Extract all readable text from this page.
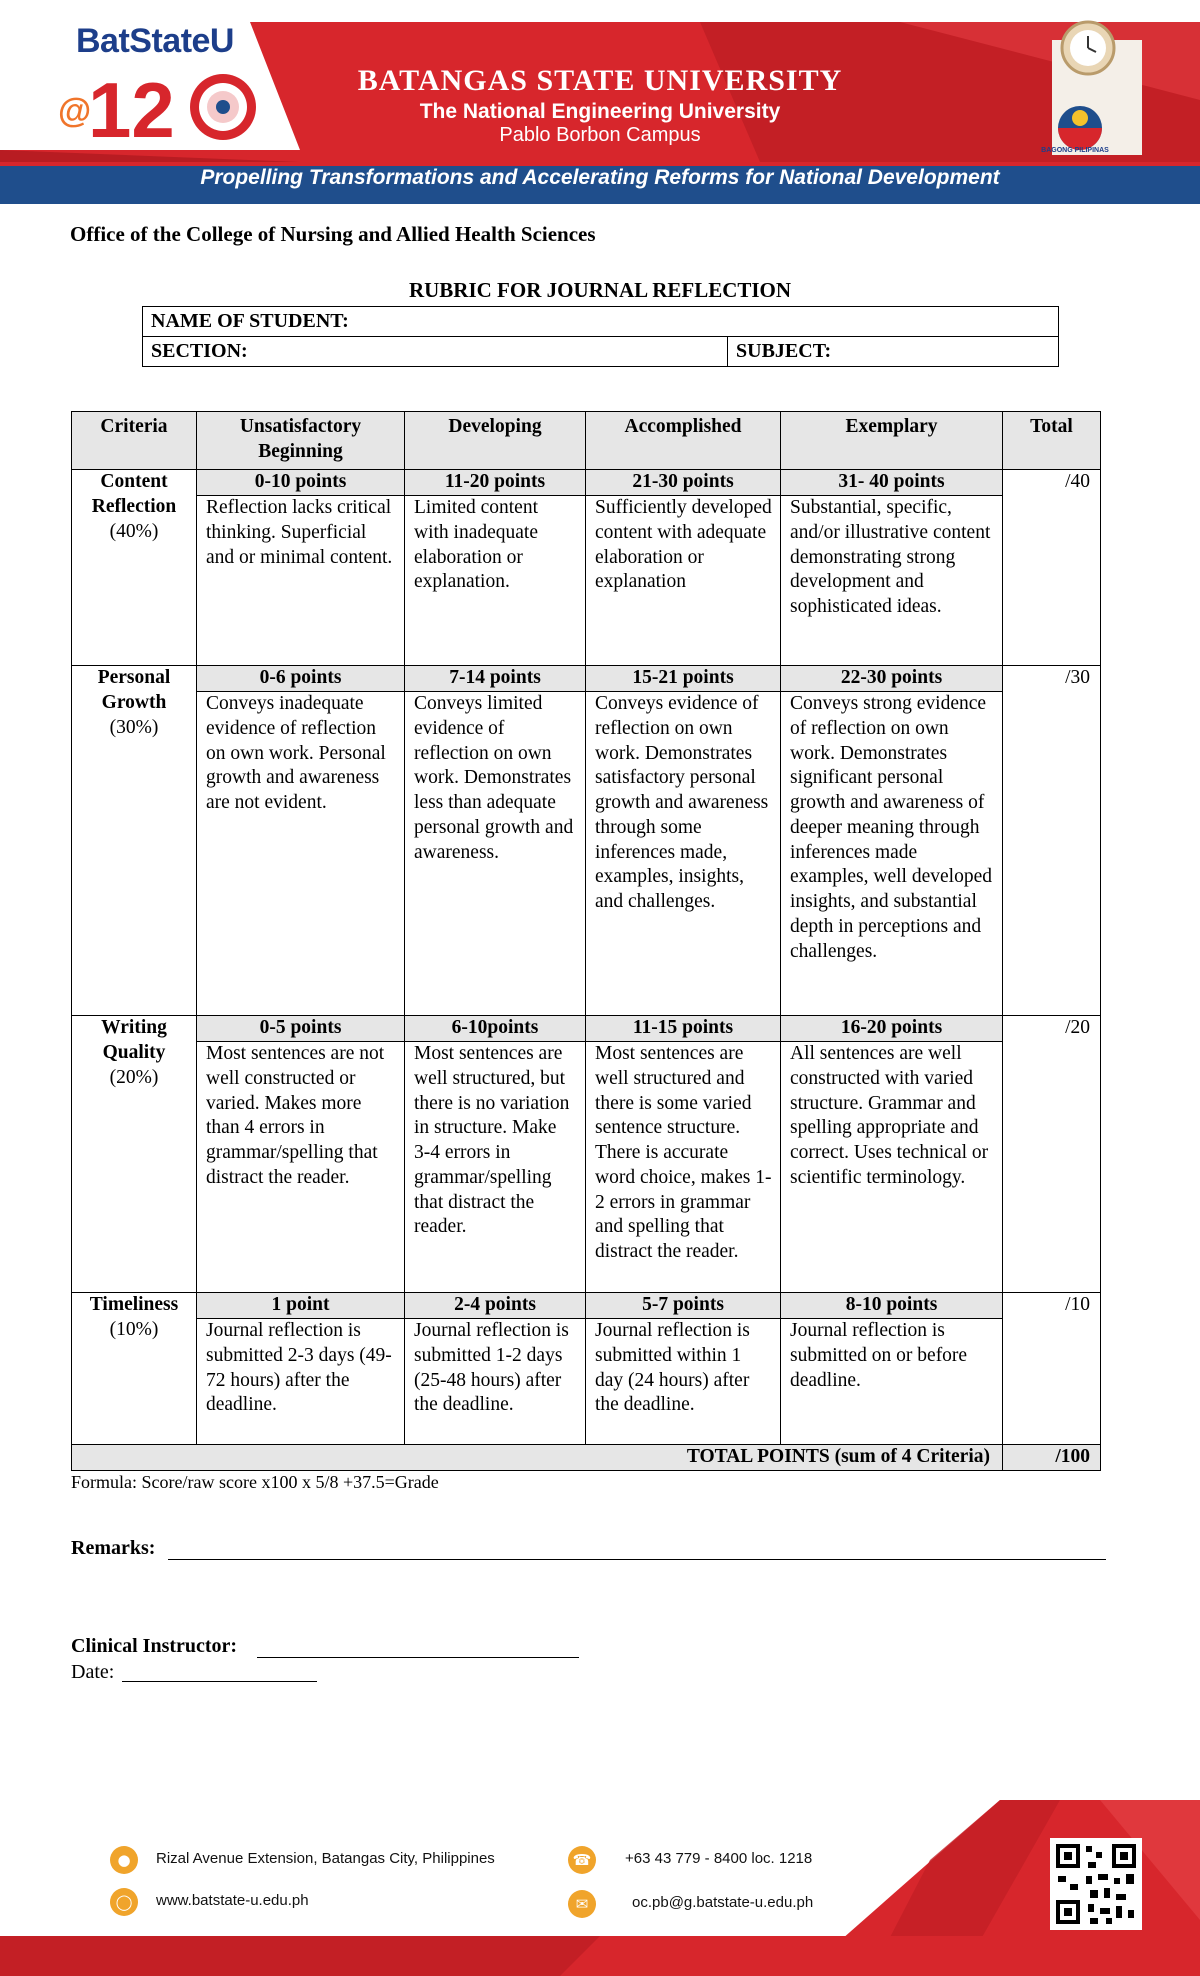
BatStateU
@
12	BATANGAS STATE UNIVERSITY
The National Engineering University
Pablo Borbon Campus
BAGONG PILIPINAS
Propelling Transformations and Accelerating Reforms for National Development
Office of the College of Nursing and Allied Health Sciences
RUBRIC FOR JOURNAL REFLECTION
NAME OF STUDENT:
SECTION:	SUBJECT:
Criteria	Unsatisfactory Beginning	Developing	Accomplished	Exemplary	Total

Content Reflection
(40%)	0-10 points	11-20 points	21-30 points	31- 40 points	/40
	Reflection lacks critical thinking. Superficial and or minimal content.	Limited content with inadequate elaboration or explanation.	Sufficiently developed content with adequate elaboration or explanation	Substantial, specific, and/or illustrative content demonstrating strong development and sophisticated ideas.	

Personal Growth
(30%)	0-6 points	7-14 points	15-21 points	22-30 points	/30
	Conveys inadequate evidence of reflection on own work. Personal growth and awareness are not evident.	Conveys limited evidence of reflection on own work. Demonstrates less than adequate personal growth and awareness.	Conveys evidence of reflection on own work. Demonstrates satisfactory personal growth and awareness through some inferences made, examples, insights, and challenges.	Conveys strong evidence of reflection on own work. Demonstrates significant personal growth and awareness of deeper meaning through inferences made examples, well developed insights, and substantial depth in perceptions and challenges.	

Writing Quality
(20%)	0-5 points	6-10points	11-15 points	16-20 points	/20
	Most sentences are not well constructed or varied. Makes more than 4 errors in grammar/spelling that distract the reader.	Most sentences are well structured, but there is no variation in structure. Make 3-4 errors in grammar/spelling that distract the reader.	Most sentences are well structured and there is some varied sentence structure. There is accurate word choice, makes 1-2 errors in grammar and spelling that distract the reader.	All sentences are well constructed with varied structure. Grammar and spelling appropriate and correct. Uses technical or scientific terminology.	

Timeliness
(10%)	1 point	2-4 points	5-7 points	8-10 points	/10
	Journal reflection is submitted 2-3 days (49-72 hours) after the deadline.	Journal reflection is submitted 1-2 days (25-48 hours) after the deadline.	Journal reflection is submitted within 1 day (24 hours) after the deadline.	Journal reflection is submitted on or before deadline.	
TOTAL POINTS (sum of 4 Criteria)					/100
Formula: Score/raw score x100 x 5/8 +37.5=Grade
Remarks:
Clinical Instructor:
Date:
●	Rizal Avenue Extension, Batangas City, Philippines
◯	www.batstate-u.edu.ph
☎	+63 43 779 - 8400 loc. 1218
✉	oc.pb@g.batstate-u.edu.ph
